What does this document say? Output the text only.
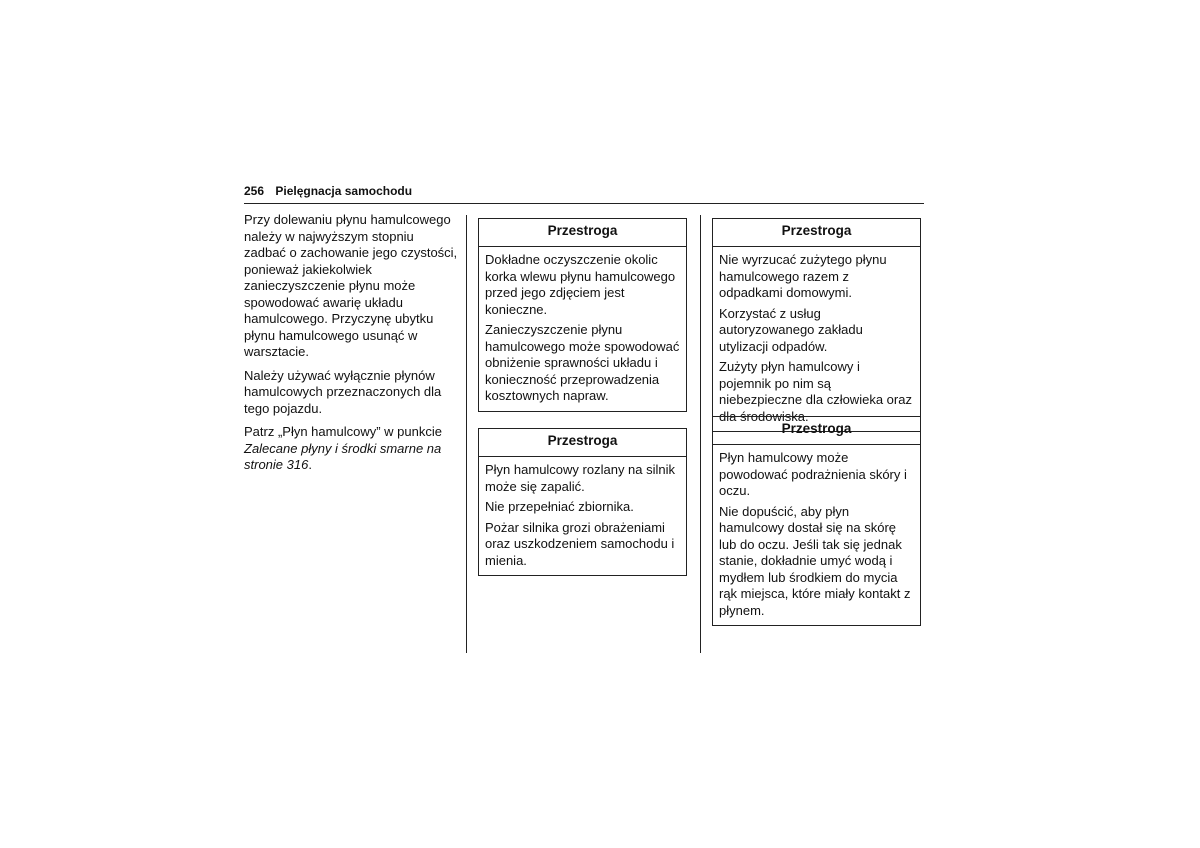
256 Pielęgnacja samochodu

Przy dolewaniu płynu hamulcowego należy w najwyższym stopniu zadbać o zachowanie jego czystości, ponieważ jakiekolwiek zanieczyszczenie płynu może spowodować awarię układu hamulcowego. Przyczynę ubytku płynu hamulcowego usunąć w warsztacie.

Należy używać wyłącznie płynów hamulcowych przeznaczonych dla tego pojazdu.

Patrz „Płyn hamulcowy” w punkcie Zalecane płyny i środki smarne na stronie 316.

Przestroga

Dokładne oczyszczenie okolic korka wlewu płynu hamulcowego przed jego zdjęciem jest konieczne.

Zanieczyszczenie płynu hamulcowego może spowodować obniżenie sprawności układu i konieczność przeprowadzenia kosztownych napraw.

Przestroga

Płyn hamulcowy rozlany na silnik może się zapalić.

Nie przepełniać zbiornika.

Pożar silnika grozi obrażeniami oraz uszkodzeniem samochodu i mienia.

Przestroga

Nie wyrzucać zużytego płynu hamulcowego razem z odpadkami domowymi.

Korzystać z usług autoryzowanego zakładu utylizacji odpadów.

Zużyty płyn hamulcowy i pojemnik po nim są niebezpieczne dla człowieka oraz dla środowiska.

Przestroga

Płyn hamulcowy może powodować podrażnienia skóry i oczu.

Nie dopuścić, aby płyn hamulcowy dostał się na skórę lub do oczu. Jeśli tak się jednak stanie, dokładnie umyć wodą i mydłem lub środkiem do mycia rąk miejsca, które miały kontakt z płynem.
